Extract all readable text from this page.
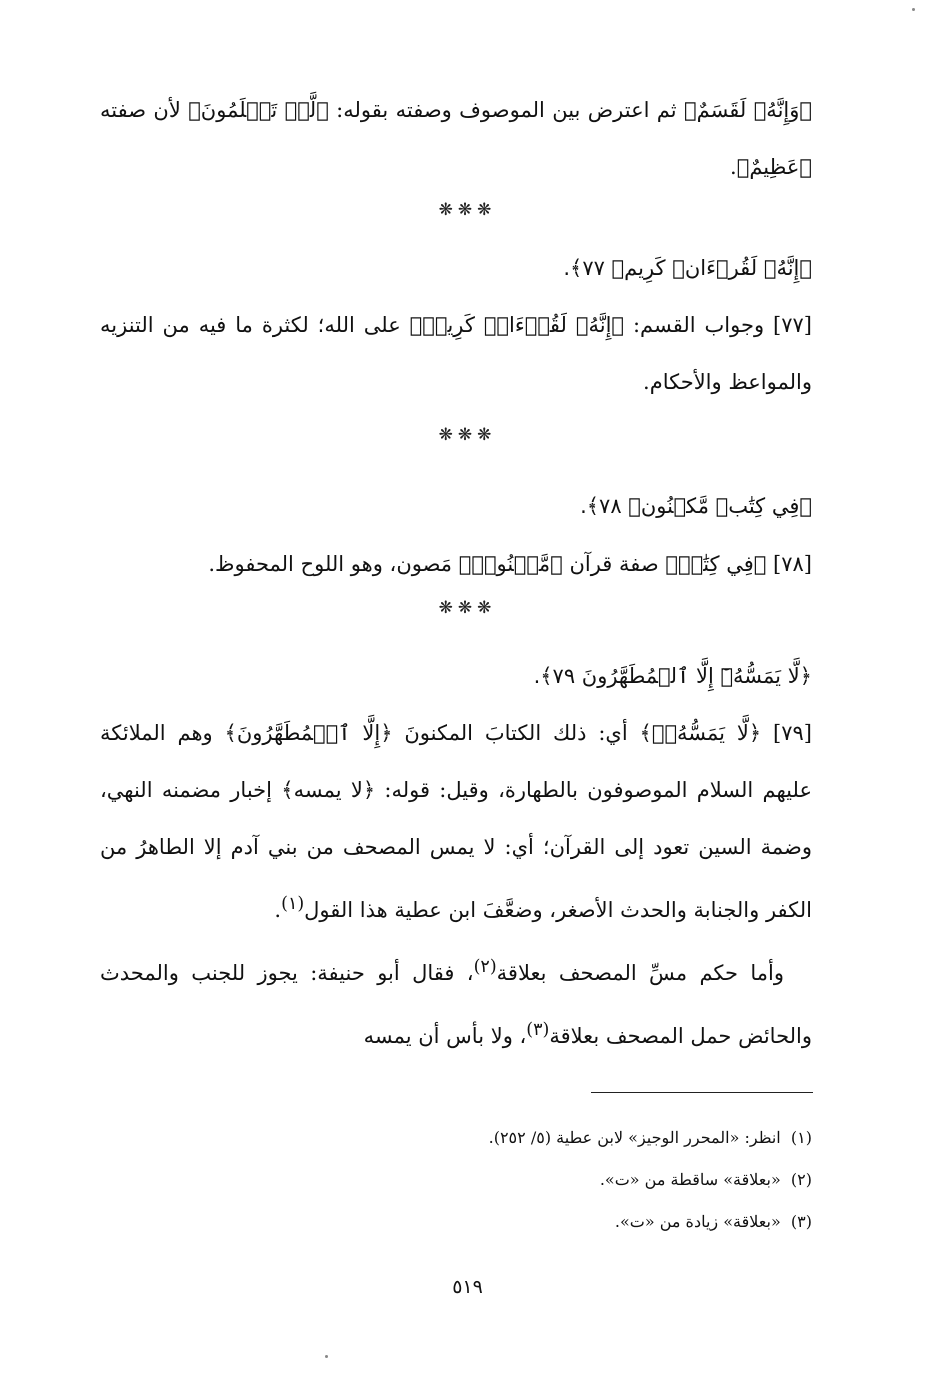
﴿وَإِنَّهُۥ لَقَسَمٌ﴾ ثم اعترض بين الموصوف وصفته بقوله: ﴿لَّوۡ تَعۡلَمُونَ﴾ لأن صفته ﴿عَظِيمٌ﴾.

❋❋❋

﴿إِنَّهُۥ لَقُرۡءَانٞ كَرِيمٞ ٧٧﴾.

[٧٧] وجواب القسم: ﴿إِنَّهُۥ لَقُرۡءَانٞ كَرِيمٞ﴾ على الله؛ لكثرة ما فيه من التنزيه والمواعظ والأحكام.

❋❋❋

﴿فِي كِتَٰبٖ مَّكۡنُونٖ ٧٨﴾.

[٧٨] ﴿فِي كِتَٰبٖ﴾ صفة قرآن ﴿مَّكۡنُونٖ﴾ مَصون، وهو اللوح المحفوظ.

❋❋❋

﴿لَّا يَمَسُّهُۥٓ إِلَّا ٱلۡمُطَهَّرُونَ ٧٩﴾.

[٧٩] ﴿لَّا يَمَسُّهُۥٓ﴾ أي: ذلك الكتابَ المكنونَ ﴿إِلَّا ٱلۡمُطَهَّرُونَ﴾ وهم الملائكة عليهم السلام الموصوفون بالطهارة، وقيل: قوله: ﴿لا يمسه﴾ إخبار مضمنه النهي، وضمة السين تعود إلى القرآن؛ أي: لا يمس المصحف من بني آدم إلا الطاهرُ من الكفر والجنابة والحدث الأصغر، وضعَّفَ ابن عطية هذا القول$^{(١)}$.

وأما حكم مسِّ المصحف بعلاقة$^{(٢)}$، فقال أبو حنيفة: يجوز للجنب والمحدث والحائض حمل المصحف بعلاقة$^{(٣)}$، ولا بأس أن يمسه

(١)  انظر: «المحرر الوجيز» لابن عطية (٥/ ٢٥٢).
(٢)  «بعلاقة» ساقطة من «ت».
(٣)  «بعلاقة» زيادة من «ت».
٥١٩
